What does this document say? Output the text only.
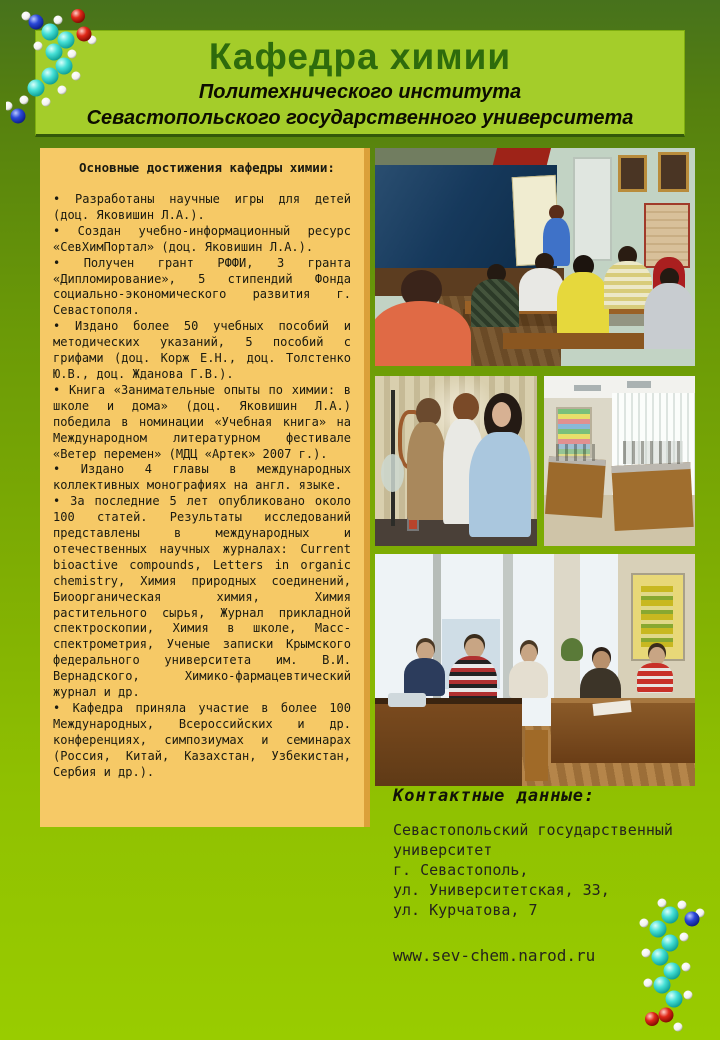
Кафедра химии
Политехнического института
Севастопольского государственного университета

Основные достижения кафедры химии:

• Разработаны научные игры для детей (доц. Яковишин Л.А.).

• Создан учебно-информационный ресурс «СевХимПортал» (доц. Яковишин Л.А.).

• Получен грант РФФИ, 3 гранта «Дипломирование», 5 стипендий Фонда социально-экономического развития г. Севастополя.

• Издано более 50 учебных пособий и методических указаний, 5 пособий с грифами (доц. Корж Е.Н., доц. Толстенко Ю.В., доц. Жданова Г.В.).

• Книга «Занимательные опыты по химии: в школе и дома» (доц. Яковишин Л.А.) победила в номинации «Учебная книга» на Международном литературном фестивале «Ветер перемен» (МДЦ «Артек» 2007 г.).

• Издано 4 главы в международных коллективных монографиях на англ. языке.

• За последние 5 лет опубликовано около 100 статей. Результаты исследований представлены в международных и отечественных научных журналах: Current bioactive compounds, Letters in organic chemistry, Химия природных соединений, Биоорганическая химия, Химия растительного сырья, Журнал прикладной спектроскопии, Химия в школе, Масс-спектрометрия, Ученые записки Крымского федерального университета им. В.И. Вернадского, Химико-фармацевтический журнал и др.

• Кафедра приняла участие в более 100 Международных, Всероссийских и др. конференциях, симпозиумах и семинарах (Россия, Китай, Казахстан, Узбекистан, Сербия и др.).

Контактные данные:

Севастопольский государственный
университет
г. Севастополь,
ул. Университетская, 33,
ул. Курчатова, 7
www.sev-chem.narod.ru
